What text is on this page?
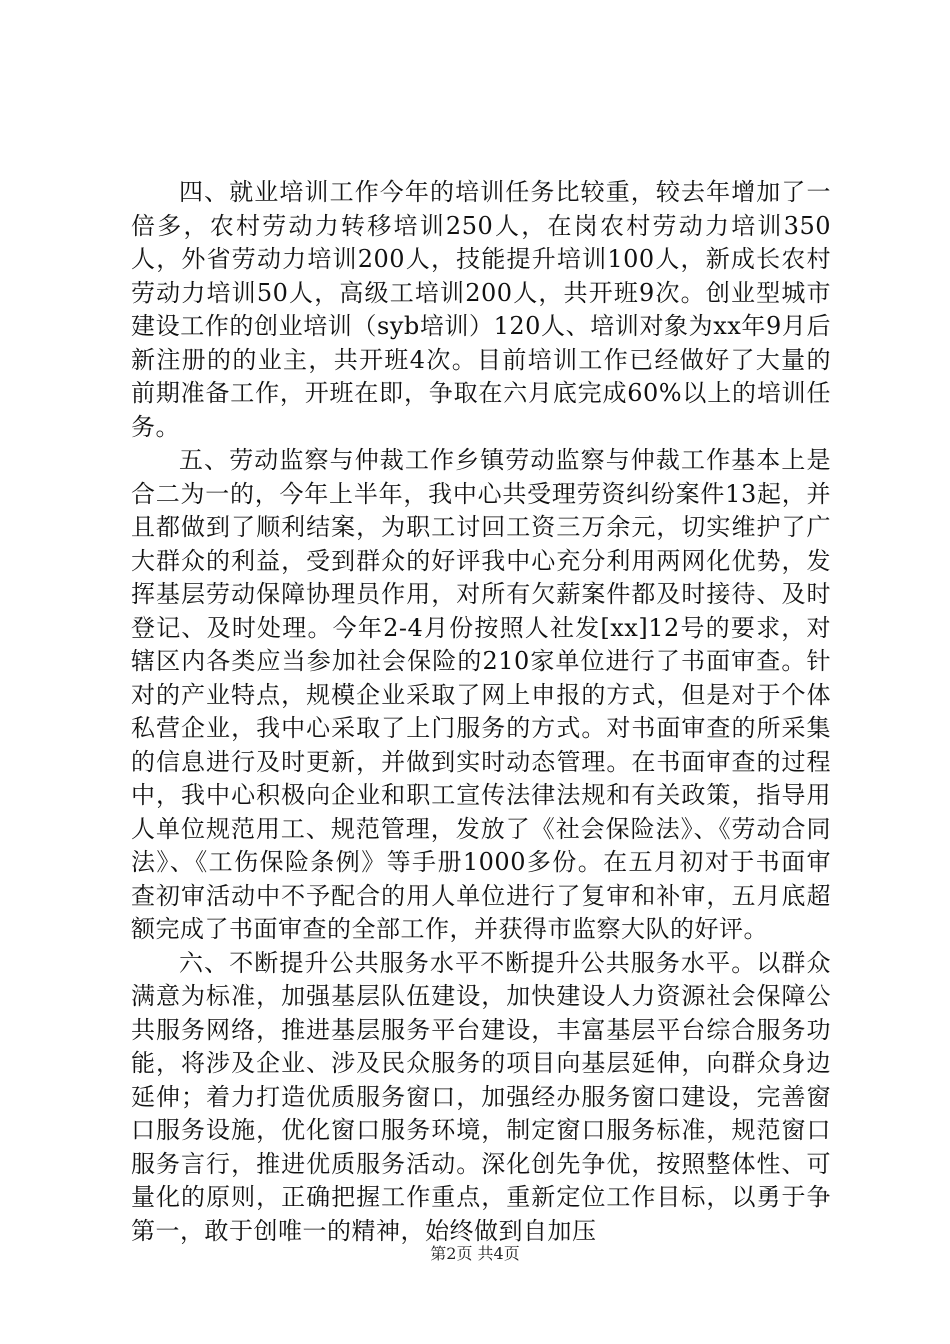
四、就业培训工作今年的培训任务比较重，较去年增加了一倍多，农村劳动力转移培训250人，在岗农村劳动力培训350人，外省劳动力培训200人，技能提升培训100人，新成长农村劳动力培训50人，高级工培训200人，共开班9次。创业型城市建设工作的创业培训（syb培训）120人、培训对象为xx年9月后新注册的的业主，共开班4次。目前培训工作已经做好了大量的前期准备工作，开班在即，争取在六月底完成60%以上的培训任务。

五、劳动监察与仲裁工作乡镇劳动监察与仲裁工作基本上是合二为一的，今年上半年，我中心共受理劳资纠纷案件13起，并且都做到了顺利结案，为职工讨回工资三万余元，切实维护了广大群众的利益，受到群众的好评我中心充分利用两网化优势，发挥基层劳动保障协理员作用，对所有欠薪案件都及时接待、及时登记、及时处理。今年2-4月份按照人社发[xx]12号的要求，对辖区内各类应当参加社会保险的210家单位进行了书面审查。针对的产业特点，规模企业采取了网上申报的方式，但是对于个体私营企业，我中心采取了上门服务的方式。对书面审查的所采集的信息进行及时更新，并做到实时动态管理。在书面审查的过程中，我中心积极向企业和职工宣传法律法规和有关政策，指导用人单位规范用工、规范管理，发放了《社会保险法》、《劳动合同法》、《工伤保险条例》等手册1000多份。在五月初对于书面审查初审活动中不予配合的用人单位进行了复审和补审，五月底超额完成了书面审查的全部工作，并获得市监察大队的好评。

六、不断提升公共服务水平不断提升公共服务水平。以群众满意为标准，加强基层队伍建设，加快建设人力资源社会保障公共服务网络，推进基层服务平台建设，丰富基层平台综合服务功能，将涉及企业、涉及民众服务的项目向基层延伸，向群众身边延伸；着力打造优质服务窗口，加强经办服务窗口建设，完善窗口服务设施，优化窗口服务环境，制定窗口服务标准，规范窗口服务言行，推进优质服务活动。深化创先争优，按照整体性、可量化的原则，正确把握工作重点，重新定位工作目标，以勇于争第一，敢于创唯一的精神，始终做到自加压

第2页 共4页
